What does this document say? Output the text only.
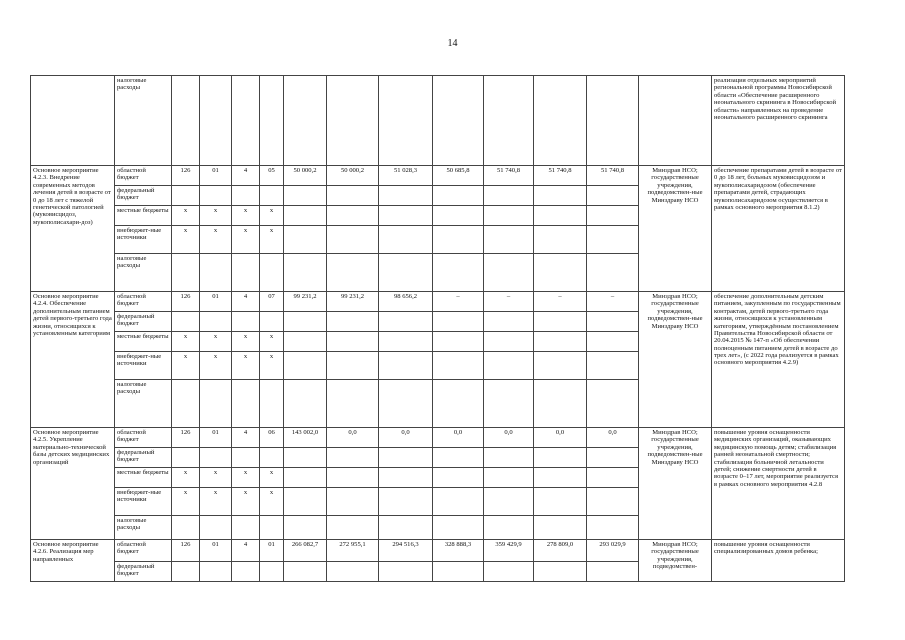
14
	налоговые расходы													реализация отдельных мероприятий региональной программы Новосибирской области «Обеспечение расширенного неонатального скрининга в Новосибирской области» направленных на проведение неонатального расширенного скрининга
Основное мероприятие 4.2.3. Внедрение современных методов лечения детей в возрасте от 0 до 18 лет с тяжелой генетической патологией (муковисцидоз, мукополисахари-доз)	областной бюджет	126	01	4	05	50 000,2	50 000,2	51 028,3	50 685,8	51 740,8	51 740,8	51 740,8	Минздрав НСО; государственные учреждения, подведомствен-ные Минздраву НСО	обеспечение препаратами детей в возрасте от 0 до 18 лет, больных муковисцидозом и мукополисахаридозом (обеспечение препаратами детей, страдающих мукополисахаридозом осуществляется в рамках основного мероприятия 8.1.2)
	федеральный бюджет													
	местные бюджеты	х	х	х	х									
	внебюджет-ные источники	х	х	х	х									
	налоговые расходы													
Основное мероприятие 4.2.4. Обеспечение дополнительным питанием детей первого-третьего года жизни, относящихся к установленным категориям	областной бюджет	126	01	4	07	99 231,2	99 231,2	98 656,2	–	–	–	–	Минздрав НСО; государственные учреждения, подведомствен-ные Минздраву НСО	обеспечение дополнительным детским питанием, закупленным по государственным контрактам, детей первого-третьего года жизни, относящихся к установленным категориям, утверждённым постановлением Правительства Новосибирской области от 20.04.2015 № 147-п «Об обеспечении полноценным питанием детей в возрасте до трех лет», (с 2022 года реализуется в рамках основного мероприятия 4.2.9)
	федеральный бюджет													
	местные бюджеты	х	х	х	х									
	внебюджет-ные источники	х	х	х	х									
	налоговые расходы													
Основное мероприятие 4.2.5. Укрепление материально-технической базы детских медицинских организаций	областной бюджет	126	01	4	06	143 002,0	0,0	0,0	0,0	0,0	0,0	0,0	Минздрав НСО; государственные учреждения, подведомствен-ные Минздраву НСО	повышение уровня оснащенности медицинских организаций, оказывающих медицинскую помощь детям; стабилизация ранней неонатальной смертности; стабилизация больничной летальности детей; снижение смертности детей в возрасте 0–17 лет, мероприятие реализуется в рамках основного мероприятия 4.2.8
	федеральный бюджет													
	местные бюджеты	х	х	х	х									
	внебюджет-ные источники	х	х	х	х									
	налоговые расходы													
Основное мероприятие 4.2.6. Реализация мер направленных	областной бюджет	126	01	4	01	266 082,7	272 955,1	294 516,3	328 888,3	359 429,9	278 809,0	293 029,9	Минздрав НСО; государственные учреждения, подведомствен-	повышение уровня оснащенности специализированных домов ребенка;
	федеральный бюджет													
